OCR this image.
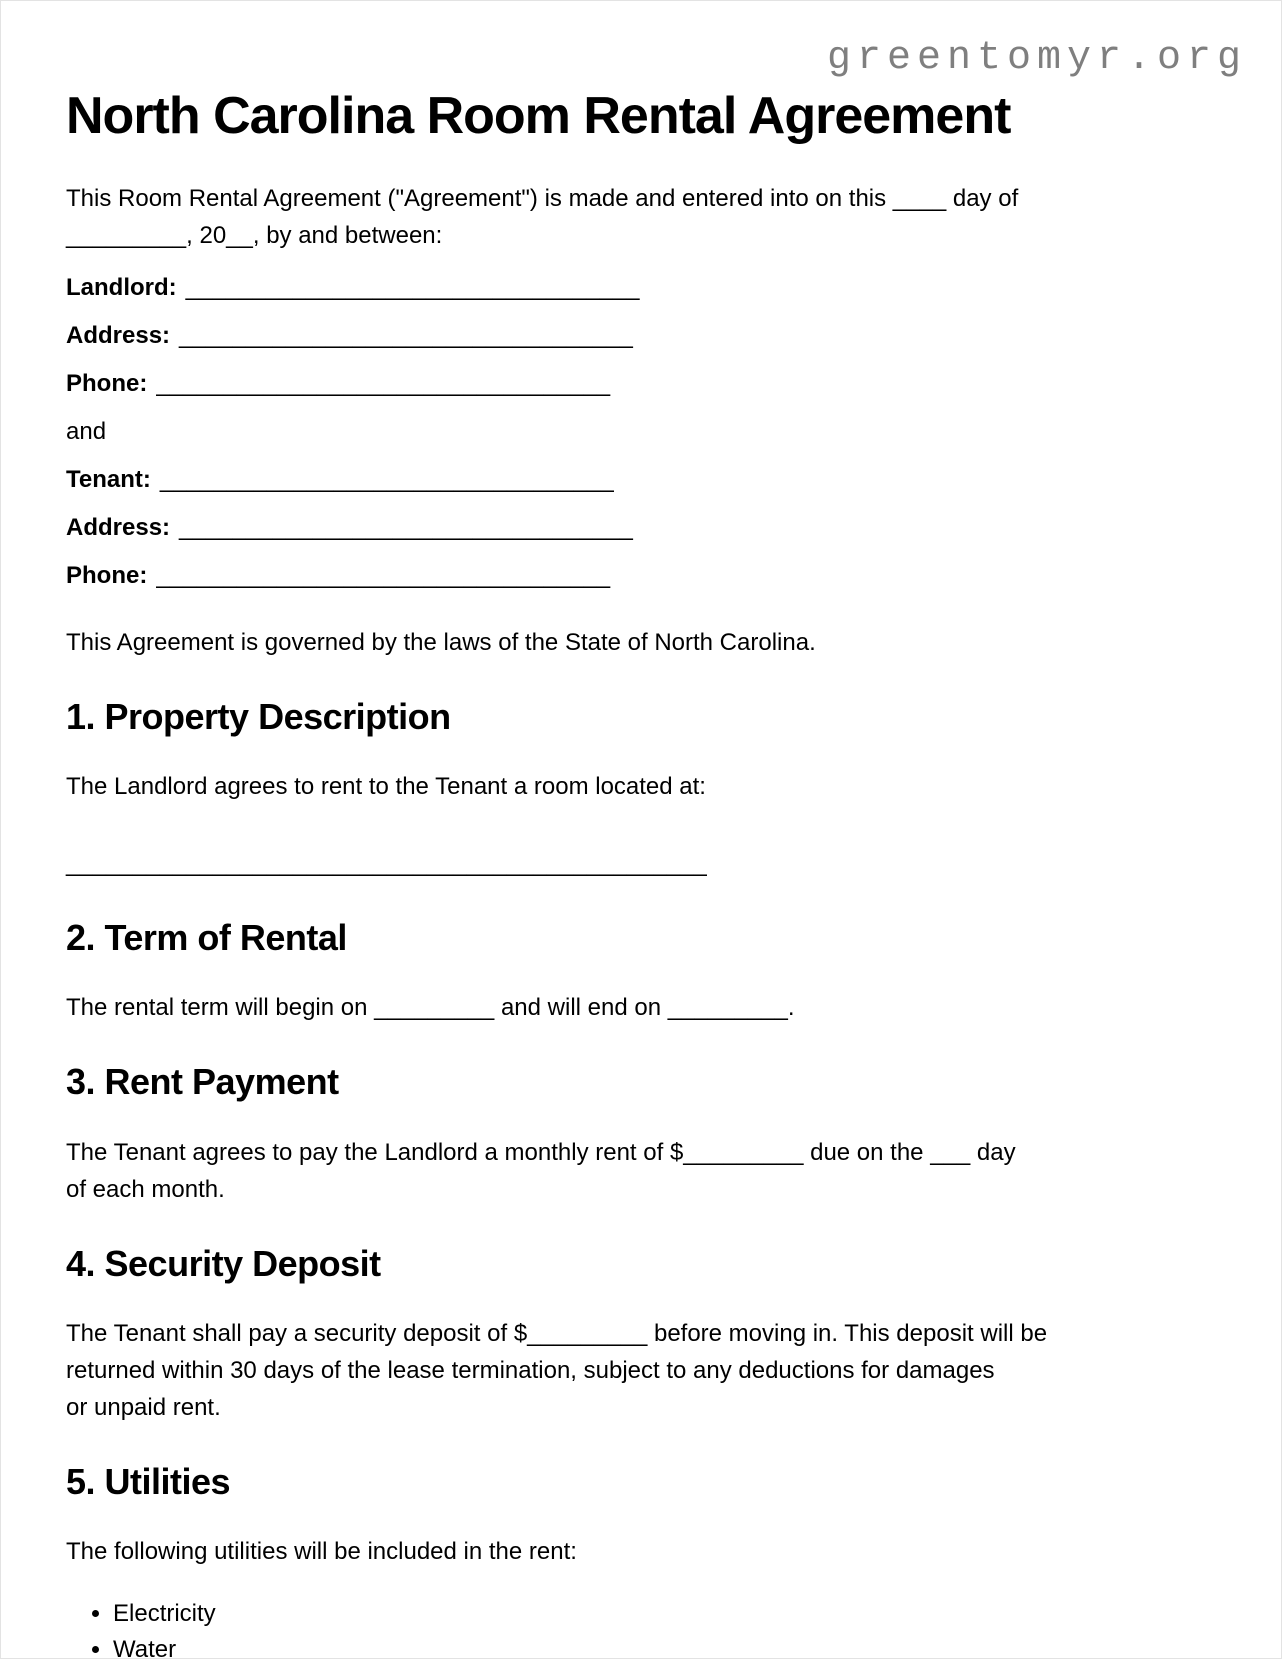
greentomyr.org
North Carolina Room Rental Agreement
This Room Rental Agreement ("Agreement") is made and entered into on this ____ day of
_________, 20__, by and between:
Landlord: __________________________________
Address: __________________________________
Phone: __________________________________
and
Tenant: __________________________________
Address: __________________________________
Phone: __________________________________

This Agreement is governed by the laws of the State of North Carolina.

1. Property Description

The Landlord agrees to rent to the Tenant a room located at:

________________________________________________

2. Term of Rental

The rental term will begin on _________ and will end on _________.

3. Rent Payment

The Tenant agrees to pay the Landlord a monthly rent of $_________ due on the ___ day
of each month.

4. Security Deposit

The Tenant shall pay a security deposit of $_________ before moving in. This deposit will be
returned within 30 days of the lease termination, subject to any deductions for damages
or unpaid rent.

5. Utilities

The following utilities will be included in the rent:

• Electricity
• Water
